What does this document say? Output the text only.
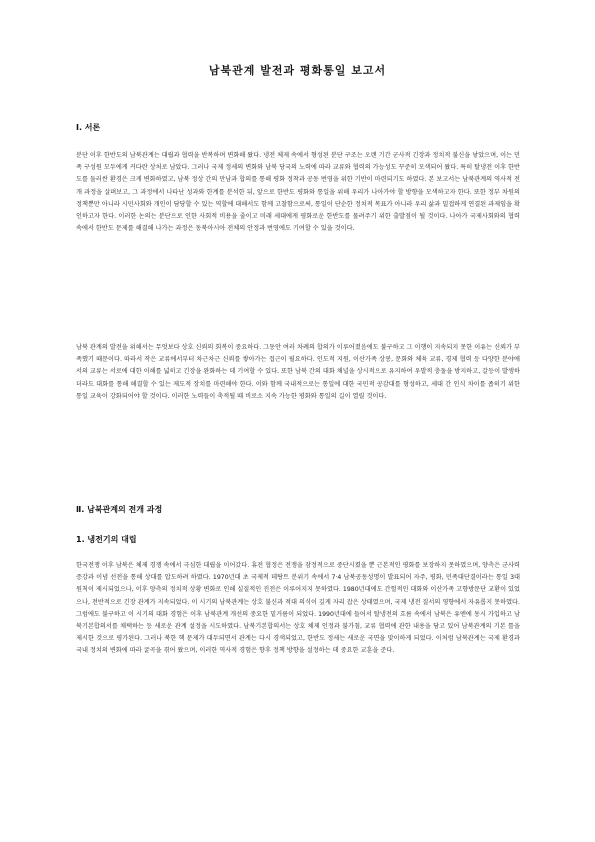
남북관계 발전과 평화통일 보고서
Ⅰ. 서론
분단 이후 한반도의 남북관계는 대립과 협력을 반복하며 변화해 왔다. 냉전 체제 속에서 형성된 분단 구조는 오랜 기간 군사적 긴장과 정치적 불신을 낳았으며, 이는 민족 구성원 모두에게 커다란 상처로 남았다. 그러나 국제 정세의 변화와 남북 당국의 노력에 따라 교류와 협력의 가능성도 꾸준히 모색되어 왔다. 특히 탈냉전 이후 한반도를 둘러싼 환경은 크게 변화하였고, 남북 정상 간의 만남과 합의를 통해 평화 정착과 공동 번영을 위한 기반이 마련되기도 하였다. 본 보고서는 남북관계의 역사적 전개 과정을 살펴보고, 그 과정에서 나타난 성과와 한계를 분석한 뒤, 앞으로 한반도 평화와 통일을 위해 우리가 나아가야 할 방향을 모색하고자 한다. 또한 정부 차원의 정책뿐만 아니라 시민사회와 개인이 담당할 수 있는 역할에 대해서도 함께 고찰함으로써, 통일이 단순한 정치적 목표가 아니라 우리 삶과 밀접하게 연결된 과제임을 확인하고자 한다. 이러한 논의는 분단으로 인한 사회적 비용을 줄이고 미래 세대에게 평화로운 한반도를 물려주기 위한 출발점이 될 것이다. 나아가 국제사회와의 협력 속에서 한반도 문제를 해결해 나가는 과정은 동북아시아 전체의 안정과 번영에도 기여할 수 있을 것이다.
남북 관계의 발전을 위해서는 무엇보다 상호 신뢰의 회복이 중요하다. 그동안 여러 차례의 합의가 이루어졌음에도 불구하고 그 이행이 지속되지 못한 이유는 신뢰가 부족했기 때문이다. 따라서 작은 교류에서부터 차근차근 신뢰를 쌓아가는 접근이 필요하다. 인도적 지원, 이산가족 상봉, 문화와 체육 교류, 경제 협력 등 다양한 분야에서의 교류는 서로에 대한 이해를 넓히고 긴장을 완화하는 데 기여할 수 있다. 또한 남북 간의 대화 채널을 상시적으로 유지하여 우발적 충돌을 방지하고, 갈등이 발생하더라도 대화를 통해 해결할 수 있는 제도적 장치를 마련해야 한다. 이와 함께 국내적으로는 통일에 대한 국민적 공감대를 형성하고, 세대 간 인식 차이를 좁히기 위한 통일 교육이 강화되어야 할 것이다. 이러한 노력들이 축적될 때 비로소 지속 가능한 평화와 통일의 길이 열릴 것이다.
Ⅱ. 남북관계의 전개 과정
1. 냉전기의 대립
한국전쟁 이후 남북은 체제 경쟁 속에서 극심한 대립을 이어갔다. 휴전 협정은 전쟁을 잠정적으로 중단시켰을 뿐 근본적인 평화를 보장하지 못하였으며, 양측은 군사력 증강과 이념 선전을 통해 상대를 압도하려 하였다. 1970년대 초 국제적 데탕트 분위기 속에서 7·4 남북공동성명이 발표되어 자주, 평화, 민족대단결이라는 통일 3대 원칙이 제시되었으나, 이후 양측의 정치적 상황 변화로 인해 실질적인 진전은 이루어지지 못하였다. 1980년대에도 간헐적인 대화와 이산가족 고향방문단 교환이 있었으나, 전반적으로 긴장 관계가 지속되었다. 이 시기의 남북관계는 상호 불신과 적대 의식이 깊게 자리 잡은 상태였으며, 국제 냉전 질서의 영향에서 자유롭지 못하였다. 그럼에도 불구하고 이 시기의 대화 경험은 이후 남북관계 개선의 중요한 밑거름이 되었다. 1990년대에 들어서 탈냉전의 흐름 속에서 남북은 유엔에 동시 가입하고 남북기본합의서를 채택하는 등 새로운 관계 설정을 시도하였다. 남북기본합의서는 상호 체제 인정과 불가침, 교류 협력에 관한 내용을 담고 있어 남북관계의 기본 틀을 제시한 것으로 평가된다. 그러나 북한 핵 문제가 대두되면서 관계는 다시 경색되었고, 한반도 정세는 새로운 국면을 맞이하게 되었다. 이처럼 남북관계는 국제 환경과 국내 정치의 변화에 따라 굴곡을 겪어 왔으며, 이러한 역사적 경험은 향후 정책 방향을 설정하는 데 중요한 교훈을 준다.
